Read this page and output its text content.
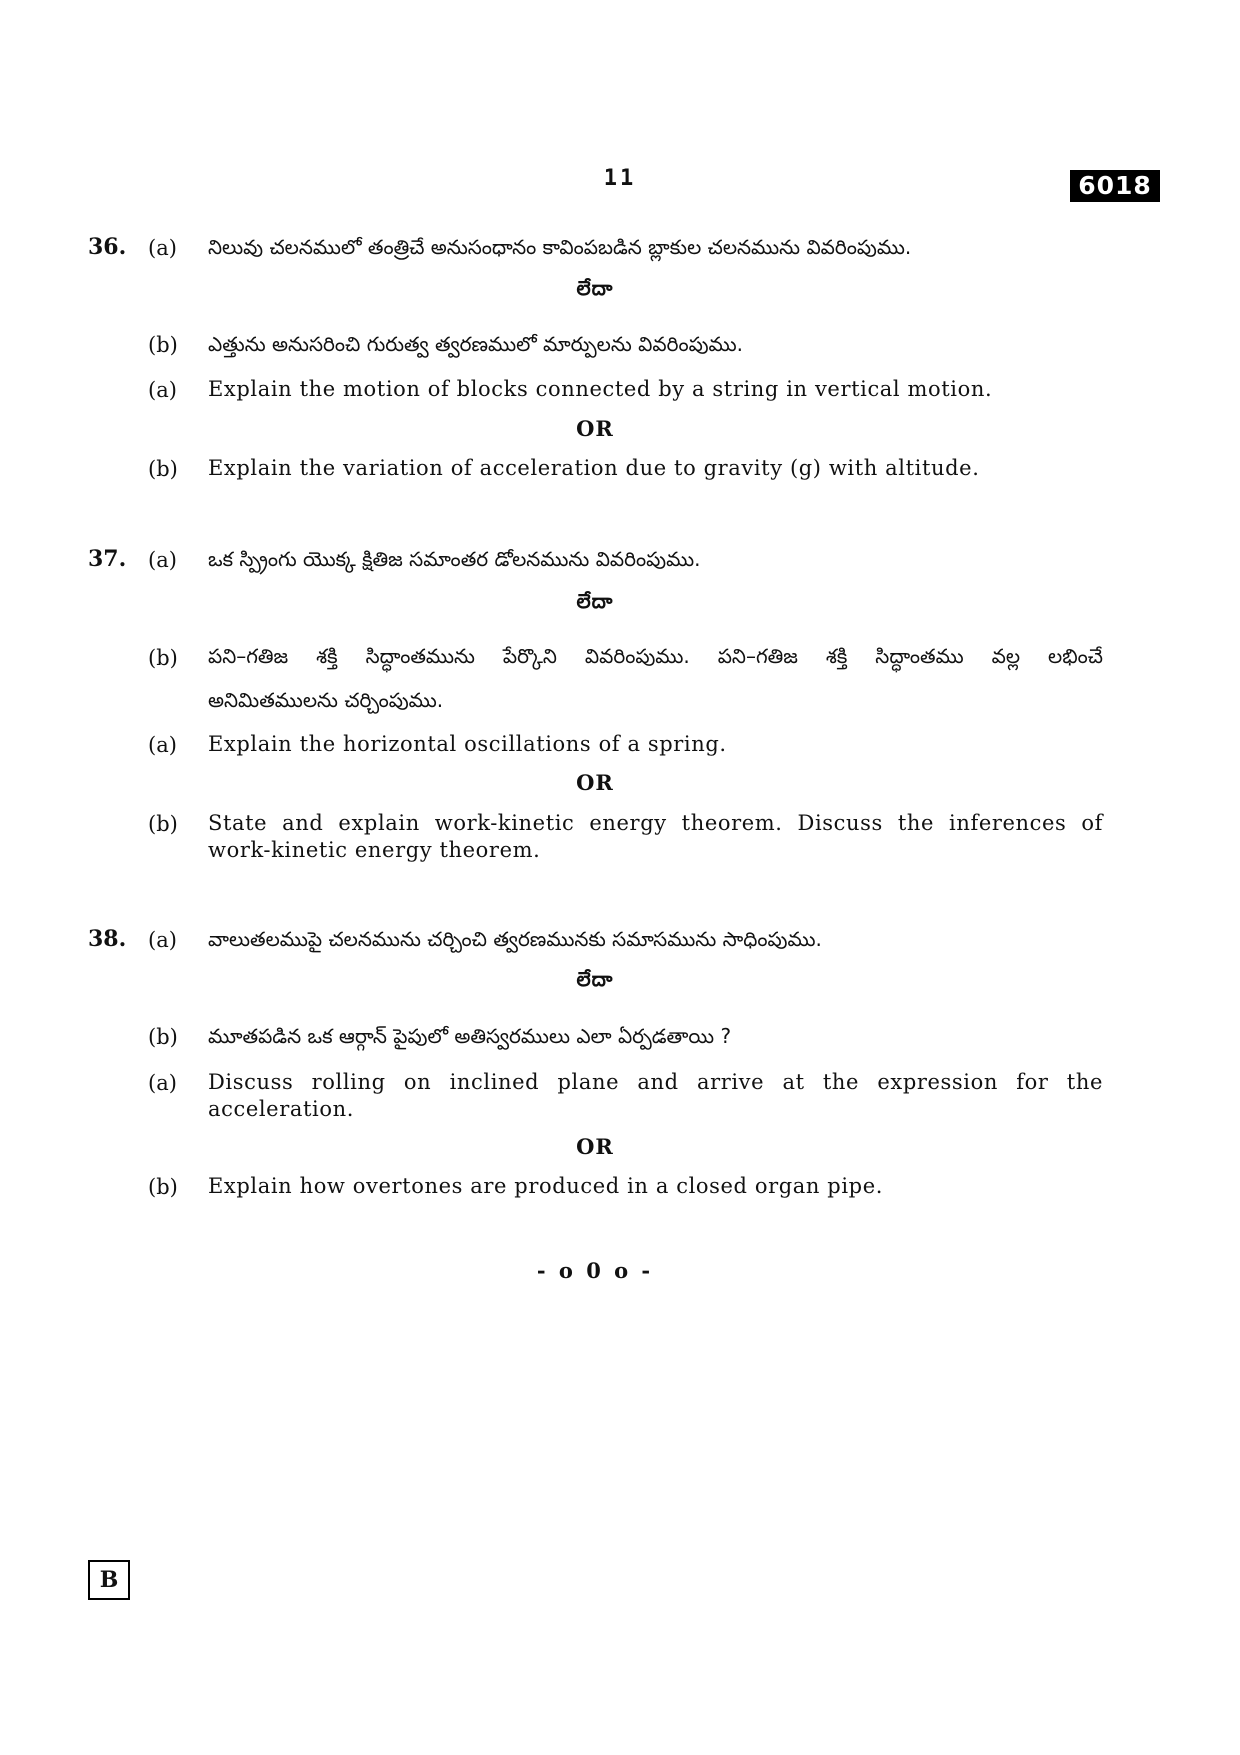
11	6018
36. (a) నిలువు చలనములో తంత్రిచే అనుసంధానం కావింపబడిన బ్లాకుల చలనమును వివరింపుము.
లేదా
(b) ఎత్తును అనుసరించి గురుత్వ త్వరణములో మార్పులను వివరింపుము.
(a) Explain the motion of blocks connected by a string in vertical motion.
OR
(b) Explain the variation of acceleration due to gravity (g) with altitude.
37. (a) ఒక స్ప్రింగు యొక్క క్షితిజ సమాంతర డోలనమును వివరింపుము.
లేదా
(b) పని–గతిజ శక్తి సిద్ధాంతమును పేర్కొని వివరింపుము. పని–గతిజ శక్తి సిద్ధాంతము వల్ల లభించే
అనిమితములను చర్చింపుము.
(a) Explain the horizontal oscillations of a spring.
OR
(b) State and explain work-kinetic energy theorem. Discuss the inferences of
work-kinetic energy theorem.
38. (a) వాలుతలముపై చలనమును చర్చించి త్వరణమునకు సమాసమును సాధింపుము.
లేదా
(b) మూతపడిన ఒక ఆర్గాన్ పైపులో అతిస్వరములు ఎలా ఏర్పడతాయి ?
(a) Discuss rolling on inclined plane and arrive at the expression for the
acceleration.
OR
(b) Explain how overtones are produced in a closed organ pipe.
- o 0 o -
B
